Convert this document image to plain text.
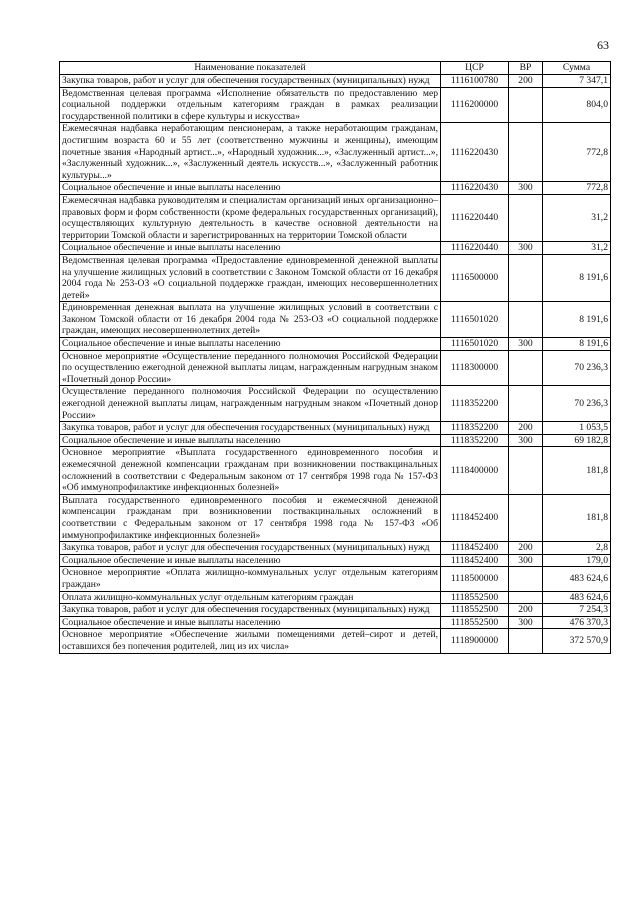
63
Наименование показателей	ЦСР	ВР	Сумма
Закупка товаров, работ и услуг для обеспечения государственных (муниципальных) нужд	1116100780	200	7 347,1
Ведомственная целевая программа «Исполнение обязательств по предоставлению мер социальной поддержки отдельным категориям граждан в рамках реализации государственной политики в сфере культуры и искусства»	1116200000		804,0
Ежемесячная надбавка неработающим пенсионерам, а также неработающим гражданам, достигшим возраста 60 и 55 лет (соответственно мужчины и женщины), имеющим почетные звания «Народный артист...», «Народный художник...», «Заслуженный артист...», «Заслуженный художник...», «Заслуженный деятель искусств...», «Заслуженный работник культуры...»	1116220430		772,8
Социальное обеспечение и иные выплаты населению	1116220430	300	772,8
Ежемесячная надбавка руководителям и специалистам организаций иных организационно–правовых форм и форм собственности (кроме федеральных государственных организаций), осуществляющих культурную деятельность в качестве основной деятельности на территории Томской области и зарегистрированных на территории Томской области	1116220440		31,2
Социальное обеспечение и иные выплаты населению	1116220440	300	31,2
Ведомственная целевая программа «Предоставление единовременной денежной выплаты на улучшение жилищных условий в соответствии с Законом Томской области от 16 декабря 2004 года № 253-ОЗ «О социальной поддержке граждан, имеющих несовершеннолетних детей»	1116500000		8 191,6
Единовременная денежная выплата на улучшение жилищных условий в соответствии с Законом Томской области от 16 декабря 2004 года № 253-ОЗ «О социальной поддержке граждан, имеющих несовершеннолетних детей»	1116501020		8 191,6
Социальное обеспечение и иные выплаты населению	1116501020	300	8 191,6
Основное мероприятие «Осуществление переданного полномочия Российской Федерации по осуществлению ежегодной денежной выплаты лицам, награжденным нагрудным знаком «Почетный донор России»	1118300000		70 236,3
Осуществление переданного полномочия Российской Федерации по осуществлению ежегодной денежной выплаты лицам, награжденным нагрудным знаком «Почетный донор России»	1118352200		70 236,3
Закупка товаров, работ и услуг для обеспечения государственных (муниципальных) нужд	1118352200	200	1 053,5
Социальное обеспечение и иные выплаты населению	1118352200	300	69 182,8
Основное мероприятие «Выплата государственного единовременного пособия и ежемесячной денежной компенсации гражданам при возникновении поствакцинальных осложнений в соответствии с Федеральным законом от 17 сентября 1998 года № 157-ФЗ «Об иммунопрофилактике инфекционных болезней»	1118400000		181,8
Выплата государственного единовременного пособия и ежемесячной денежной компенсации гражданам при возникновении поствакцинальных осложнений в соответствии с Федеральным законом от 17 сентября 1998 года № 157-ФЗ «Об иммунопрофилактике инфекционных болезней»	1118452400		181,8
Закупка товаров, работ и услуг для обеспечения государственных (муниципальных) нужд	1118452400	200	2,8
Социальное обеспечение и иные выплаты населению	1118452400	300	179,0
Основное мероприятие «Оплата жилищно-коммунальных услуг отдельным категориям граждан»	1118500000		483 624,6
Оплата жилищно-коммунальных услуг отдельным категориям граждан	1118552500		483 624,6
Закупка товаров, работ и услуг для обеспечения государственных (муниципальных) нужд	1118552500	200	7 254,3
Социальное обеспечение и иные выплаты населению	1118552500	300	476 370,3
Основное мероприятие «Обеспечение жилыми помещениями детей–сирот и детей, оставшихся без попечения родителей, лиц из их числа»	1118900000		372 570,9
